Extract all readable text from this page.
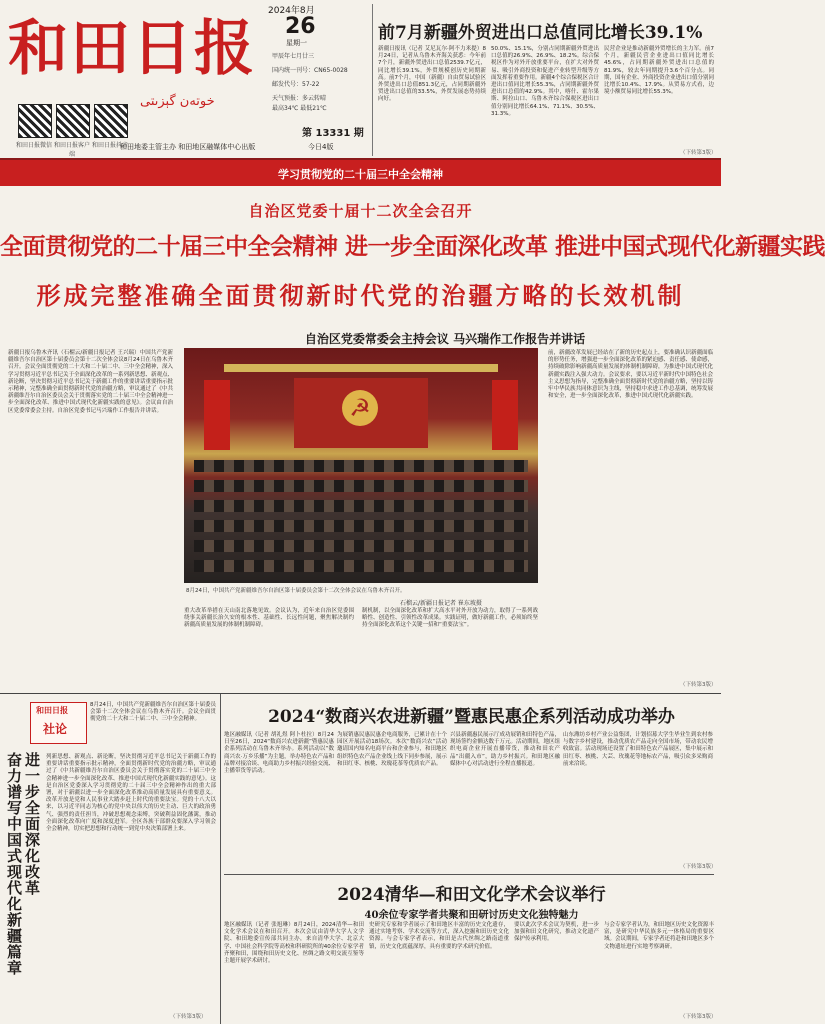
和田日报
خوتەن گېزىتى
和田日报微信 和田日报客户端
和田日报抖音
和田地委主管主办 和田地区融媒体中心出版
2024年8月
26
星期一
甲辰年七月廿三
国内统一刊号：CN65-0028
邮发代号：57-22
天气预报：多云转晴
最高34℃ 最低21℃
第 13331 期
今日4版
前7月新疆外贸进出口总值同比增长39.1%
新疆日报讯（记者 艾尼瓦尔·阿不力米提）8月24日，记者从乌鲁木齐海关获悉：今年前7个月，新疆外贸进出口总值2539.7亿元，同比增长39.1%，外贸规模创历史同期新高。前7个月，中国（新疆）自由贸易试验区外贸进出口总值851.3亿元，占同期新疆外贸进出口总值的33.5%，外贸发展态势持续向好。
50.0%、15.1%，分别占同期新疆外贸进出口总值的26.9%、26.9%、18.2%。综合保税区作为对外开放重要平台，在扩大对外贸易、吸引外商投资和促进产业转型升级等方面发挥着重要作用。新疆4个综合保税区合计进出口值同比增长55.3%，占同期新疆外贸进出口总值的42.9%。其中，喀什、霍尔果斯、阿拉山口、乌鲁木齐综合保税区进出口值分别同比增长64.1%、71.1%、30.5%、31.3%。
民营企业是推动新疆外贸增长的主力军。前7个月，新疆民营企业进出口值同比增长45.6%，占同期新疆外贸进出口总值的81.9%，较去年同期提升3.6个百分点。同期，国有企业、外商投资企业进出口值分别同比增长10.4%、17.9%。从贸易方式看，边境小额贸易同比增长55.3%。
（下转第3版）
学习贯彻党的二十届三中全会精神
自治区党委十届十二次全会召开
全面贯彻党的二十届三中全会精神 进一步全面深化改革 推进中国式现代化新疆实践
形成完整准确全面贯彻新时代党的治疆方略的长效机制
自治区党委常委会主持会议 马兴瑞作工作报告并讲话
新疆日报乌鲁木齐讯（石榴云/新疆日报记者 王兴瑞）中国共产党新疆维吾尔自治区第十届委员会第十二次全体会议8月24日在乌鲁木齐召开。会议全面贯彻党的二十大和二十届二中、三中全会精神，深入学习贯彻习近平总书记关于全面深化改革的一系列新思想、新观点、新论断，坚决贯彻习近平总书记关于新疆工作的重要讲话重要指示批示精神，完整准确全面贯彻新时代党的治疆方略，审议通过了《中共新疆维吾尔自治区委员会关于贯彻落实党的二十届三中全会精神进一步全面深化改革、推进中国式现代化新疆实践的意见》。会议由自治区党委常委会主持。自治区党委书记马兴瑞作工作报告并讲话。
前，新疆改革发展已经站在了新的历史起点上，要准确认识新疆面临的形势任务，增强进一步全面深化改革的紧迫感、责任感、使命感，持续破除影响新疆高质量发展的体制机制障碍，为推进中国式现代化新疆实践注入强大动力。会议要求，要以习近平新时代中国特色社会主义思想为指导，完整准确全面贯彻新时代党的治疆方略，坚持以铸牢中华民族共同体意识为主线，坚持稳中求进工作总基调，统筹发展和安全，进一步全面深化改革，推进中国式现代化新疆实践。
☭
8月24日，中国共产党新疆维吾尔自治区第十届委员会第十二次全体会议在乌鲁木齐召开。
石榴云/新疆日报记者 崔东坡摄
重大改革举措在天山南北落地见效。会议认为，近年来自治区党委围绕事关新疆长治久安的根本性、基础性、长远性问题，聚焦解决制约新疆高质量发展的体制机制障碍。
制机制，以全面深化改革和扩大高水平对外开放为动力，取得了一系列战略性、创造性、引领性改革成果。实践证明，做好新疆工作，必须始终坚持全面深化改革这个关键一招和“重要法宝”。
（下转第3版）
和田日报
社论
8月24日，中国共产党新疆维吾尔自治区第十届委员会第十二次全体会议在乌鲁木齐召开。会议全面贯彻党的二十大和二十届二中、三中全会精神。
进一步全面深化改革
奋力谱写中国式现代化新疆篇章	列新思想、新观点、新论断，坚决贯彻习近平总书记关于新疆工作的重要讲话重要指示批示精神，全面贯彻新时代党的治疆方略，审议通过了《中共新疆维吾尔自治区委员会关于贯彻落实党的二十届三中全会精神进一步全面深化改革、推进中国式现代化新疆实践的意见》。这是自治区党委深入学习贯彻党的二十届三中全会精神作出的重大部署，对于新疆以进一步全面深化改革推动高质量发展具有重要意义。改革开放是党和人民事业大踏步赶上时代的重要法宝。党的十八大以来，以习近平同志为核心的党中央以伟大的历史主动、巨大的政治勇气、强烈的责任担当，冲破思想观念束缚，突破利益固化藩篱，推动全面深化改革向广度和深度进军。全区各族干部群众要深入学习领会全会精神，切实把思想和行动统一到党中央决策部署上来。
（下转第3版）
2024“数商兴农进新疆”暨惠民惠企系列活动成功举办
地区融媒讯（记者 胡礼煜 阿卜杜拉）8月24日至26日，2024“数商兴农进新疆”暨惠民惠企系列活动在乌鲁木齐举办。系列活动以“数商兴农·万乡乐播”为主题，举办特色农产品和品牌对接洽谈、电商助力乡村振兴经验交流、主播带货等活动。
为展销惠民惠民惠企电商服务，已累计在十个园区开展活动18场次。本次“数商兴农”活动邀请国内知名电商平台和企业参与，和田地区组织特色农产品企业线上线下同步参展，展示和田红枣、核桃、玫瑰花茶等优质农产品。
兴县新疆惠民展示厅成功展销和田特色产品，现场签约金额达数千万元。活动期间，地区组织电商企业开展直播带货，推动和田农产品“出疆入市”，助力乡村振兴。和田地区融媒体中心对活动进行全程直播报道。
山东潍坊乡村产业公益集团，计划招募大学生毕业生到农村参与数字乡村建设，推动优质农产品走向全国市场，带动农民增收致富。活动现场还设置了和田特色农产品展区，集中展示和田红枣、核桃、大芸、玫瑰花等地标农产品，吸引众多采购商前来洽谈。
（下转第3版）
2024清华—和田文化学术会议举行
40余位专家学者共聚和田研讨历史文化独特魅力
地区融媒讯（记者 张旭琳）8月24日，2024清华—和田文化学术会议在和田召开。本次会议由清华大学人文学院、和田地委宣传部共同主办，来自清华大学、北京大学、中国社会科学院等高校和科研院所的40余位专家学者齐聚和田，围绕和田历史文化、丝绸之路文明交流互鉴等主题开展学术研讨。
史研究专家和学者展示了和田地区丰富的历史文化遗存，通过实地考察、学术交流等方式，深入挖掘和田历史文化资源。与会专家学者表示，和田是古代丝绸之路南道重镇，历史文化底蕴深厚，具有重要的学术研究价值。
要以此次学术会议为契机，进一步加强和田文化研究，推动文化遗产保护传承利用。
与会专家学者认为，和田地区历史文化资源丰富，是研究中华民族多元一体格局的重要区域。会议期间，专家学者还将赴和田地区多个文物遗址进行实地考察调研。
（下转第3版）
